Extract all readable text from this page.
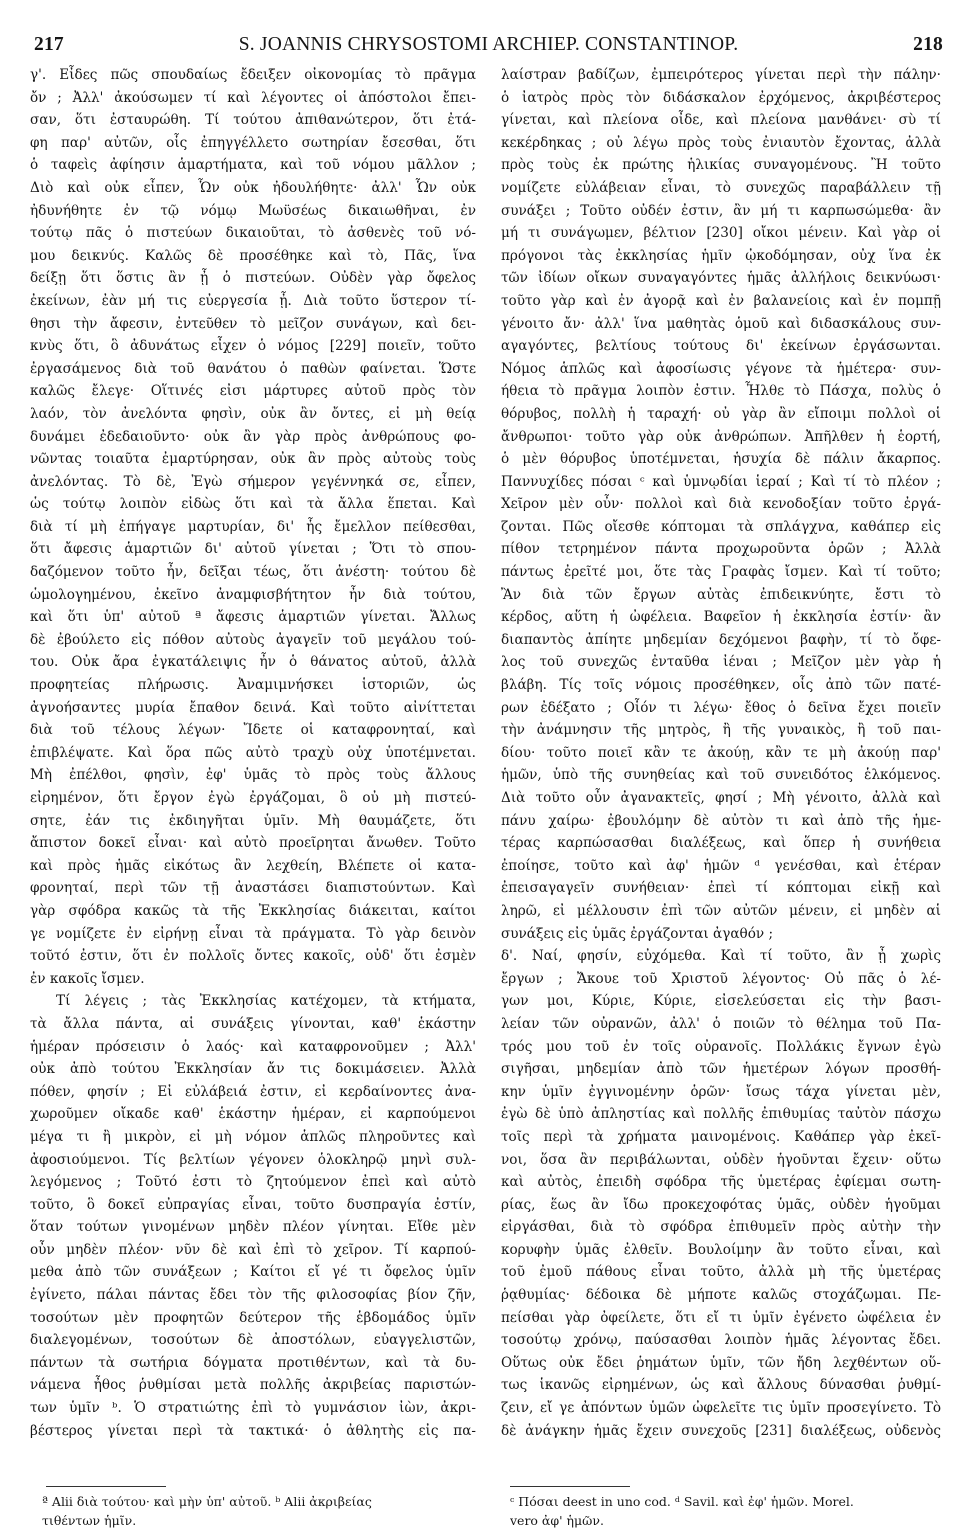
217	S. JOANNIS CHRYSOSTOMI ARCHIEP. CONSTANTINOP.	218
γ'. Εἶδες πῶς σπουδαίως ἔδειξεν οἰκονομίας τὸ πρᾶγμα
ὄν ; Ἀλλ' ἀκούσωμεν τί καὶ λέγοντες οἱ ἀπόστολοι ἔπει-
σαν, ὅτι ἐσταυρώθη. Τί τούτου ἀπιθανώτερον, ὅτι ἐτά-
φη παρ' αὐτῶν, οἷς ἐπηγγέλλετο σωτηρίαν ἔσεσθαι, ὅτι
ὁ ταφεὶς ἀφίησιν ἁμαρτήματα, καὶ τοῦ νόμου μᾶλλον ;
Διὸ καὶ οὐκ εἶπεν, Ὧν οὐκ ἠδουλήθητε· ἀλλ' Ὧν οὐκ
ἠδυνήθητε ἐν τῷ νόμῳ Μωϋσέως δικαιωθῆναι, ἐν
τούτῳ πᾶς ὁ πιστεύων δικαιοῦται, τὸ ἀσθενὲς τοῦ νό-
μου δεικνύς. Καλῶς δὲ προσέθηκε καὶ τὸ, Πᾶς, ἵνα
δείξῃ ὅτι ὅστις ἂν ᾖ ὁ πιστεύων. Οὐδὲν γὰρ ὄφελος
ἐκείνων, ἐὰν μή τις εὐεργεσία ᾖ. Διὰ τοῦτο ὕστερον τί-
θησι τὴν ἄφεσιν, ἐντεῦθεν τὸ μεῖζον συνάγων, καὶ δει-
κνὺς ὅτι, ὃ ἀδυνάτως εἶχεν ὁ νόμος [229] ποιεῖν, τοῦτο
ἐργασάμενος διὰ τοῦ θανάτου ὁ παθὼν φαίνεται. Ὥστε
καλῶς ἔλεγε· Οἵτινές εἰσι μάρτυρες αὐτοῦ πρὸς τὸν
λαόν, τὸν ἀνελόντα φησὶν, οὐκ ἂν ὄντες, εἰ μὴ θείᾳ
δυνάμει ἐδεδαιοῦντο· οὐκ ἂν γὰρ πρὸς ἀνθρώπους φο-
νῶντας τοιαῦτα ἐμαρτύρησαν, οὐκ ἂν πρὸς αὐτοὺς τοὺς
ἀνελόντας. Τὸ δὲ, Ἐγὼ σήμερον γεγέννηκά σε, εἶπεν,
ὡς τούτῳ λοιπὸν εἰδὼς ὅτι καὶ τὰ ἄλλα ἕπεται. Καὶ
διὰ τί μὴ ἐπήγαγε μαρτυρίαν, δι' ἧς ἔμελλον πείθεσθαι,
ὅτι ἄφεσις ἁμαρτιῶν δι' αὐτοῦ γίνεται ; Ὅτι τὸ σπου-
δαζόμενον τοῦτο ἦν, δεῖξαι τέως, ὅτι ἀνέστη· τούτου δὲ
ὡμολογημένου, ἐκεῖνο ἀναμφισβήτητον ἦν διὰ τούτου,
καὶ ὅτι ὑπ' αὐτοῦ ª ἄφεσις ἁμαρτιῶν γίνεται. Ἄλλως
δὲ ἐβούλετο εἰς πόθον αὐτοὺς ἀγαγεῖν τοῦ μεγάλου τού-
του. Οὐκ ἄρα ἐγκατάλειψις ἦν ὁ θάνατος αὐτοῦ, ἀλλὰ
προφητείας πλήρωσις. Ἀναμιμνήσκει ἱστοριῶν, ὡς
ἀγνοήσαντες μυρία ἔπαθον δεινά. Καὶ τοῦτο αἰνίττεται
διὰ τοῦ τέλους λέγων· Ἴδετε οἱ καταφρονηταί, καὶ
ἐπιβλέψατε. Καὶ ὅρα πῶς αὐτὸ τραχὺ οὐχ ὑποτέμνεται.
Μὴ ἐπέλθοι, φησὶν, ἐφ' ὑμᾶς τὸ πρὸς τοὺς ἄλλους
εἰρημένον, ὅτι ἔργον ἐγὼ ἐργάζομαι, ὃ οὐ μὴ πιστεύ-
σητε, ἐάν τις ἐκδιηγῆται ὑμῖν. Μὴ θαυμάζετε, ὅτι
ἄπιστον δοκεῖ εἶναι· καὶ αὐτὸ προεῖρηται ἄνωθεν. Τοῦτο
καὶ πρὸς ἡμᾶς εἰκότως ἂν λεχθείη, Βλέπετε οἱ κατα-
φρονηταί, περὶ τῶν τῇ ἀναστάσει διαπιστούντων. Καὶ
γὰρ σφόδρα κακῶς τὰ τῆς Ἐκκλησίας διάκειται, καίτοι
γε νομίζετε ἐν εἰρήνῃ εἶναι τὰ πράγματα. Τὸ γὰρ δεινὸν
τοῦτό ἐστιν, ὅτι ἐν πολλοῖς ὄντες κακοῖς, οὐδ' ὅτι ἐσμὲν
ἐν κακοῖς ἴσμεν.
Τί λέγεις ; τὰς Ἐκκλησίας κατέχομεν, τὰ κτήματα,
τὰ ἄλλα πάντα, αἱ συνάξεις γίνονται, καθ' ἑκάστην
ἡμέραν πρόσεισιν ὁ λαός· καὶ καταφρονοῦμεν ; Ἀλλ'
οὐκ ἀπὸ τούτου Ἐκκλησίαν ἄν τις δοκιμάσειεν. Ἀλλὰ
πόθεν, φησίν ; Εἰ εὐλάβειά ἐστιν, εἰ κερδαίνοντες ἀνα-
χωροῦμεν οἴκαδε καθ' ἑκάστην ἡμέραν, εἰ καρπούμενοι
μέγα τι ἢ μικρὸν, εἰ μὴ νόμον ἁπλῶς πληροῦντες καὶ
ἀφοσιούμενοι. Τίς βελτίων γέγονεν ὁλοκληρῷ μηνὶ συλ-
λεγόμενος ; Τοῦτό ἐστι τὸ ζητούμενον ἐπεὶ καὶ αὐτὸ
τοῦτο, ὃ δοκεῖ εὐπραγίας εἶναι, τοῦτο δυσπραγία ἐστίν,
ὅταν τούτων γινομένων μηδὲν πλέον γίνηται. Εἴθε μὲν
οὖν μηδὲν πλέον· νῦν δὲ καὶ ἐπὶ τὸ χεῖρον. Τί καρπού-
μεθα ἀπὸ τῶν συνάξεων ; Καίτοι εἴ γέ τι ὄφελος ὑμῖν
ἐγίνετο, πάλαι πάντας ἔδει τὸν τῆς φιλοσοφίας βίον ζῆν,
τοσούτων μὲν προφητῶν δεύτερον τῆς ἑβδομάδος ὑμῖν
διαλεγομένων, τοσούτων δὲ ἀποστόλων, εὐαγγελιστῶν,
πάντων τὰ σωτήρια δόγματα προτιθέντων, καὶ τὰ δυ-
νάμενα ἦθος ῥυθμίσαι μετὰ πολλῆς ἀκριβείας παριστών-
των ὑμῖν ᵇ. Ὁ στρατιώτης ἐπὶ τὸ γυμνάσιον ἰὼν, ἀκρι-
βέστερος γίνεται περὶ τὰ τακτικά· ὁ ἀθλητὴς εἰς πα-
λαίστραν βαδίζων, ἐμπειρότερος γίνεται περὶ τὴν πάλην·
ὁ ἰατρὸς πρὸς τὸν διδάσκαλον ἐρχόμενος, ἀκριβέστερος
γίνεται, καὶ πλείονα οἶδε, καὶ πλείονα μανθάνει· σὺ τί
κεκέρδηκας ; οὐ λέγω πρὸς τοὺς ἐνιαυτὸν ἔχοντας, ἀλλὰ
πρὸς τοὺς ἐκ πρώτης ἡλικίας συναγομένους. Ἢ τοῦτο
νομίζετε εὐλάβειαν εἶναι, τὸ συνεχῶς παραβάλλειν τῇ
συνάξει ; Τοῦτο οὐδέν ἐστιν, ἂν μή τι καρπωσώμεθα· ἂν
μή τι συνάγωμεν, βέλτιον [230] οἴκοι μένειν. Καὶ γὰρ οἱ
πρόγονοι τὰς ἐκκλησίας ἡμῖν ᾠκοδόμησαν, οὐχ ἵνα ἐκ
τῶν ἰδίων οἴκων συναγαγόντες ἡμᾶς ἀλλήλοις δεικνύωσι·
τοῦτο γὰρ καὶ ἐν ἀγορᾷ καὶ ἐν βαλανείοις καὶ ἐν πομπῇ
γένοιτο ἄν· ἀλλ' ἵνα μαθητὰς ὁμοῦ καὶ διδασκάλους συν-
αγαγόντες, βελτίους τούτους δι' ἐκείνων ἐργάσωνται.
Νόμος ἁπλῶς καὶ ἀφοσίωσις γέγονε τὰ ἡμέτερα· συν-
ήθεια τὸ πρᾶγμα λοιπὸν ἐστιν. Ἦλθε τὸ Πάσχα, πολὺς ὁ
θόρυβος, πολλὴ ἡ ταραχή· οὐ γὰρ ἂν εἴποιμι πολλοὶ οἱ
ἄνθρωποι· τοῦτο γὰρ οὐκ ἀνθρώπων. Ἀπῆλθεν ἡ ἑορτή,
ὁ μὲν θόρυβος ὑποτέμνεται, ἡσυχία δὲ πάλιν ἄκαρπος.
Παννυχίδες πόσαι ᶜ καὶ ὑμνῳδίαι ἱεραί ; Καὶ τί τὸ πλέον ;
Χεῖρον μὲν οὖν· πολλοὶ καὶ διὰ κενοδοξίαν τοῦτο ἐργά-
ζονται. Πῶς οἴεσθε κόπτομαι τὰ σπλάγχνα, καθάπερ εἰς
πίθον τετρημένον πάντα προχωροῦντα ὁρῶν ; Ἀλλὰ
πάντως ἐρεῖτέ μοι, ὅτε τὰς Γραφὰς ἴσμεν. Καὶ τί τοῦτο;
Ἂν διὰ τῶν ἔργων αὐτὰς ἐπιδεικνύητε, ἔστι τὸ
κέρδος, αὕτη ἡ ὠφέλεια. Βαφεῖον ἡ ἐκκλησία ἐστίν· ἂν
διαπαντὸς ἀπίητε μηδεμίαν δεχόμενοι βαφὴν, τί τὸ ὄφε-
λος τοῦ συνεχῶς ἐνταῦθα ἰέναι ; Μεῖζον μὲν γὰρ ἡ
βλάβη. Τίς τοῖς νόμοις προσέθηκεν, οἷς ἀπὸ τῶν πατέ-
ρων ἐδέξατο ; Οἷόν τι λέγω· ἔθος ὁ δεῖνα ἔχει ποιεῖν
τὴν ἀνάμνησιν τῆς μητρὸς, ἢ τῆς γυναικὸς, ἢ τοῦ παι-
δίου· τοῦτο ποιεῖ κἂν τε ἀκούῃ, κἂν τε μὴ ἀκούῃ παρ'
ἡμῶν, ὑπὸ τῆς συνηθείας καὶ τοῦ συνειδότος ἑλκόμενος.
Διὰ τοῦτο οὖν ἀγανακτεῖς, φησί ; Μὴ γένοιτο, ἀλλὰ καὶ
πάνυ χαίρω· ἐβουλόμην δὲ αὐτὸν τι καὶ ἀπὸ τῆς ἡμε-
τέρας καρπώσασθαι διαλέξεως, καὶ ὅπερ ἡ συνήθεια
ἐποίησε, τοῦτο καὶ ἀφ' ἡμῶν ᵈ γενέσθαι, καὶ ἑτέραν
ἐπεισαγαγεῖν συνήθειαν· ἐπεὶ τί κόπτομαι εἰκῇ καὶ
ληρῶ, εἰ μέλλουσιν ἐπὶ τῶν αὐτῶν μένειν, εἰ μηδὲν αἱ
συνάξεις εἰς ὑμᾶς ἐργάζονται ἀγαθόν ;
δ'. Ναί, φησίν, εὐχόμεθα. Καὶ τί τοῦτο, ἂν ᾖ χωρὶς
ἔργων ; Ἄκουε τοῦ Χριστοῦ λέγοντος· Οὐ πᾶς ὁ λέ-
γων μοι, Κύριε, Κύριε, εἰσελεύσεται εἰς τὴν βασι-
λείαν τῶν οὐρανῶν, ἀλλ' ὁ ποιῶν τὸ θέλημα τοῦ Πα-
τρός μου τοῦ ἐν τοῖς οὐρανοῖς. Πολλάκις ἔγνων ἐγὼ
σιγῆσαι, μηδεμίαν ἀπὸ τῶν ἡμετέρων λόγων προσθή-
κην ὑμῖν ἐγγινομένην ὁρῶν· ἴσως τάχα γίνεται μὲν,
ἐγὼ δὲ ὑπὸ ἀπληστίας καὶ πολλῆς ἐπιθυμίας ταὐτὸν πάσχω
τοῖς περὶ τὰ χρήματα μαινομένοις. Καθάπερ γὰρ ἐκεῖ-
νοι, ὅσα ἂν περιβάλωνται, οὐδὲν ἡγοῦνται ἔχειν· οὕτω
καὶ αὐτὸς, ἐπειδὴ σφόδρα τῆς ὑμετέρας ἐφίεμαι σωτη-
ρίας, ἕως ἂν ἴδω προκεχοφότας ὑμᾶς, οὐδὲν ἡγοῦμαι
εἰργάσθαι, διὰ τὸ σφόδρα ἐπιθυμεῖν πρὸς αὐτὴν τὴν
κορυφὴν ὑμᾶς ἐλθεῖν. Βουλοίμην ἂν τοῦτο εἶναι, καὶ
τοῦ ἐμοῦ πάθους εἶναι τοῦτο, ἀλλὰ μὴ τῆς ὑμετέρας
ῥᾳθυμίας· δέδοικα δὲ μήποτε καλῶς στοχάζωμαι. Πε-
πείσθαι γὰρ ὀφείλετε, ὅτι εἴ τι ὑμῖν ἐγένετο ὠφέλεια ἐν
τοσούτῳ χρόνῳ, παύσασθαι λοιπὸν ἡμᾶς λέγοντας ἔδει.
Οὕτως οὐκ ἔδει ῥημάτων ὑμῖν, τῶν ἤδη λεχθέντων οὕ-
τως ἱκανῶς εἰρημένων, ὡς καὶ ἄλλους δύνασθαι ῥυθμί-
ζειν, εἴ γε ἀπόντων ὑμῶν ὠφελεῖτε τις ὑμῖν προσεγίνετο. Τὸ
δὲ ἀνάγκην ἡμᾶς ἔχειν συνεχοῦς [231] διαλέξεως, οὐδενὸς
ª Alii διὰ τούτου· καὶ μὴν ὑπ' αὐτοῦ. ᵇ Alii ἀκριβείας
τιθέντων ἡμῖν.
ᶜ Πόσαι deest in uno cod. ᵈ Savil. καὶ ἐφ' ἡμῶν. Morel.
vero ἀφ' ἡμῶν.
